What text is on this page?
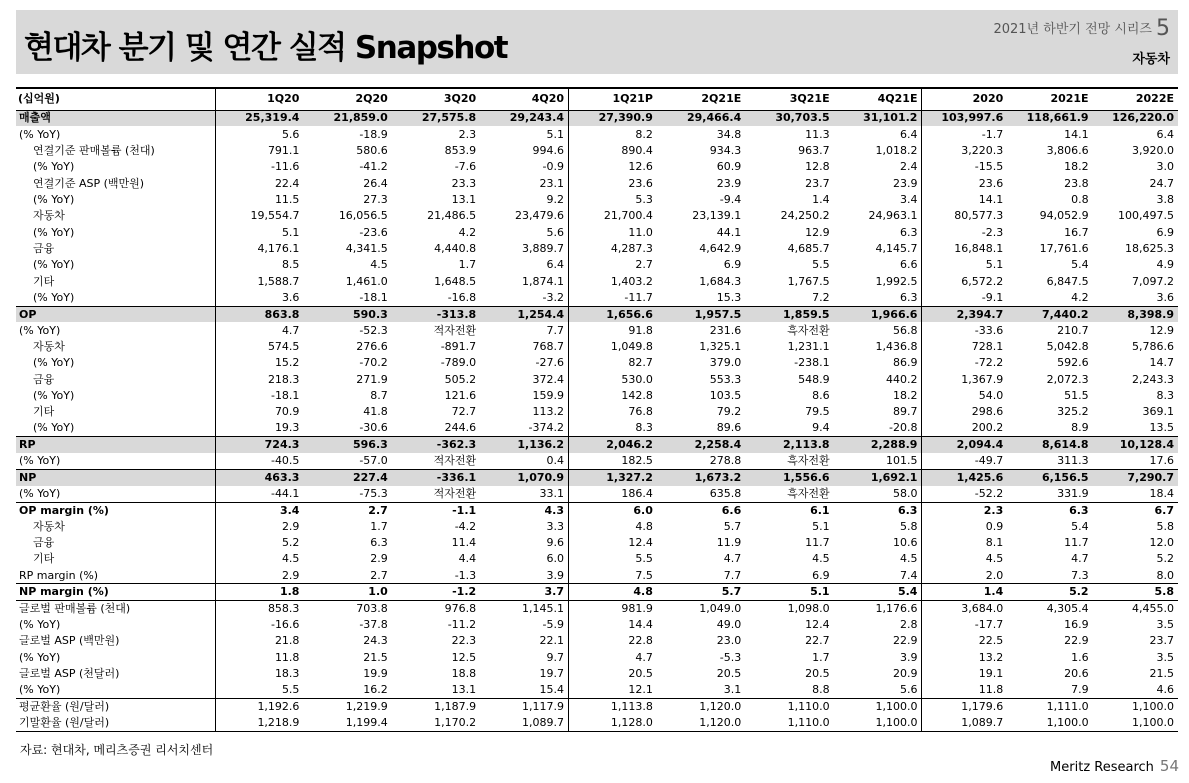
현대차 분기 및 연간 실적 Snapshot
2021년 하반기 전망 시리즈 5
자동차
(십억원)	1Q20	2Q20	3Q20	4Q20	1Q21P	2Q21E	3Q21E	4Q21E	2020	2021E	2022E
매출액	25,319.4	21,859.0	27,575.8	29,243.4	27,390.9	29,466.4	30,703.5	31,101.2	103,997.6	118,661.9	126,220.0
(% YoY)	5.6	-18.9	2.3	5.1	8.2	34.8	11.3	6.4	-1.7	14.1	6.4
연결기준 판매볼륨 (천대)	791.1	580.6	853.9	994.6	890.4	934.3	963.7	1,018.2	3,220.3	3,806.6	3,920.0
(% YoY)	-11.6	-41.2	-7.6	-0.9	12.6	60.9	12.8	2.4	-15.5	18.2	3.0
연결기준 ASP (백만원)	22.4	26.4	23.3	23.1	23.6	23.9	23.7	23.9	23.6	23.8	24.7
(% YoY)	11.5	27.3	13.1	9.2	5.3	-9.4	1.4	3.4	14.1	0.8	3.8
자동차	19,554.7	16,056.5	21,486.5	23,479.6	21,700.4	23,139.1	24,250.2	24,963.1	80,577.3	94,052.9	100,497.5
(% YoY)	5.1	-23.6	4.2	5.6	11.0	44.1	12.9	6.3	-2.3	16.7	6.9
금융	4,176.1	4,341.5	4,440.8	3,889.7	4,287.3	4,642.9	4,685.7	4,145.7	16,848.1	17,761.6	18,625.3
(% YoY)	8.5	4.5	1.7	6.4	2.7	6.9	5.5	6.6	5.1	5.4	4.9
기타	1,588.7	1,461.0	1,648.5	1,874.1	1,403.2	1,684.3	1,767.5	1,992.5	6,572.2	6,847.5	7,097.2
(% YoY)	3.6	-18.1	-16.8	-3.2	-11.7	15.3	7.2	6.3	-9.1	4.2	3.6
OP	863.8	590.3	-313.8	1,254.4	1,656.6	1,957.5	1,859.5	1,966.6	2,394.7	7,440.2	8,398.9
(% YoY)	4.7	-52.3	적자전환	7.7	91.8	231.6	흑자전환	56.8	-33.6	210.7	12.9
자동차	574.5	276.6	-891.7	768.7	1,049.8	1,325.1	1,231.1	1,436.8	728.1	5,042.8	5,786.6
(% YoY)	15.2	-70.2	-789.0	-27.6	82.7	379.0	-238.1	86.9	-72.2	592.6	14.7
금융	218.3	271.9	505.2	372.4	530.0	553.3	548.9	440.2	1,367.9	2,072.3	2,243.3
(% YoY)	-18.1	8.7	121.6	159.9	142.8	103.5	8.6	18.2	54.0	51.5	8.3
기타	70.9	41.8	72.7	113.2	76.8	79.2	79.5	89.7	298.6	325.2	369.1
(% YoY)	19.3	-30.6	244.6	-374.2	8.3	89.6	9.4	-20.8	200.2	8.9	13.5
RP	724.3	596.3	-362.3	1,136.2	2,046.2	2,258.4	2,113.8	2,288.9	2,094.4	8,614.8	10,128.4
(% YoY)	-40.5	-57.0	적자전환	0.4	182.5	278.8	흑자전환	101.5	-49.7	311.3	17.6
NP	463.3	227.4	-336.1	1,070.9	1,327.2	1,673.2	1,556.6	1,692.1	1,425.6	6,156.5	7,290.7
(% YoY)	-44.1	-75.3	적자전환	33.1	186.4	635.8	흑자전환	58.0	-52.2	331.9	18.4
OP margin (%)	3.4	2.7	-1.1	4.3	6.0	6.6	6.1	6.3	2.3	6.3	6.7
자동차	2.9	1.7	-4.2	3.3	4.8	5.7	5.1	5.8	0.9	5.4	5.8
금융	5.2	6.3	11.4	9.6	12.4	11.9	11.7	10.6	8.1	11.7	12.0
기타	4.5	2.9	4.4	6.0	5.5	4.7	4.5	4.5	4.5	4.7	5.2
RP margin (%)	2.9	2.7	-1.3	3.9	7.5	7.7	6.9	7.4	2.0	7.3	8.0
NP margin (%)	1.8	1.0	-1.2	3.7	4.8	5.7	5.1	5.4	1.4	5.2	5.8
글로벌 판매볼륨 (천대)	858.3	703.8	976.8	1,145.1	981.9	1,049.0	1,098.0	1,176.6	3,684.0	4,305.4	4,455.0
(% YoY)	-16.6	-37.8	-11.2	-5.9	14.4	49.0	12.4	2.8	-17.7	16.9	3.5
글로벌 ASP (백만원)	21.8	24.3	22.3	22.1	22.8	23.0	22.7	22.9	22.5	22.9	23.7
(% YoY)	11.8	21.5	12.5	9.7	4.7	-5.3	1.7	3.9	13.2	1.6	3.5
글로벌 ASP (천달러)	18.3	19.9	18.8	19.7	20.5	20.5	20.5	20.9	19.1	20.6	21.5
(% YoY)	5.5	16.2	13.1	15.4	12.1	3.1	8.8	5.6	11.8	7.9	4.6
평균환율 (원/달러)	1,192.6	1,219.9	1,187.9	1,117.9	1,113.8	1,120.0	1,110.0	1,100.0	1,179.6	1,111.0	1,100.0
기말환율 (원/달러)	1,218.9	1,199.4	1,170.2	1,089.7	1,128.0	1,120.0	1,110.0	1,100.0	1,089.7	1,100.0	1,100.0
자료: 현대차, 메리츠증권 리서치센터
Meritz Research 54
